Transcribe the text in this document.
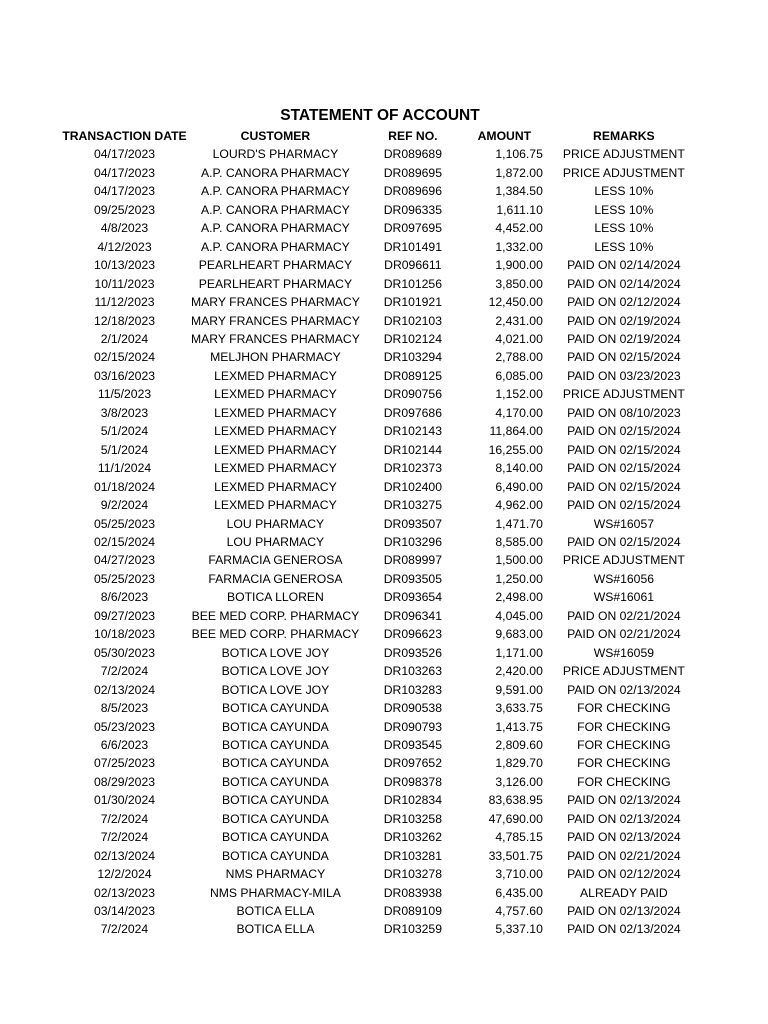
STATEMENT OF ACCOUNT
TRANSACTION DATE	CUSTOMER	REF NO.	AMOUNT	REMARKS
04/17/2023	LOURD'S PHARMACY	DR089689	1,106.75	PRICE ADJUSTMENT
04/17/2023	A.P. CANORA PHARMACY	DR089695	1,872.00	PRICE ADJUSTMENT
04/17/2023	A.P. CANORA PHARMACY	DR089696	1,384.50	LESS 10%
09/25/2023	A.P. CANORA PHARMACY	DR096335	1,611.10	LESS 10%
4/8/2023	A.P. CANORA PHARMACY	DR097695	4,452.00	LESS 10%
4/12/2023	A.P. CANORA PHARMACY	DR101491	1,332.00	LESS 10%
10/13/2023	PEARLHEART PHARMACY	DR096611	1,900.00	PAID ON 02/14/2024
10/11/2023	PEARLHEART PHARMACY	DR101256	3,850.00	PAID ON 02/14/2024
11/12/2023	MARY FRANCES PHARMACY	DR101921	12,450.00	PAID ON 02/12/2024
12/18/2023	MARY FRANCES PHARMACY	DR102103	2,431.00	PAID ON 02/19/2024
2/1/2024	MARY FRANCES PHARMACY	DR102124	4,021.00	PAID ON 02/19/2024
02/15/2024	MELJHON PHARMACY	DR103294	2,788.00	PAID ON 02/15/2024
03/16/2023	LEXMED PHARMACY	DR089125	6,085.00	PAID ON 03/23/2023
11/5/2023	LEXMED PHARMACY	DR090756	1,152.00	PRICE ADJUSTMENT
3/8/2023	LEXMED PHARMACY	DR097686	4,170.00	PAID ON 08/10/2023
5/1/2024	LEXMED PHARMACY	DR102143	11,864.00	PAID ON 02/15/2024
5/1/2024	LEXMED PHARMACY	DR102144	16,255.00	PAID ON 02/15/2024
11/1/2024	LEXMED PHARMACY	DR102373	8,140.00	PAID ON 02/15/2024
01/18/2024	LEXMED PHARMACY	DR102400	6,490.00	PAID ON 02/15/2024
9/2/2024	LEXMED PHARMACY	DR103275	4,962.00	PAID ON 02/15/2024
05/25/2023	LOU PHARMACY	DR093507	1,471.70	WS#16057
02/15/2024	LOU PHARMACY	DR103296	8,585.00	PAID ON 02/15/2024
04/27/2023	FARMACIA GENEROSA	DR089997	1,500.00	PRICE ADJUSTMENT
05/25/2023	FARMACIA GENEROSA	DR093505	1,250.00	WS#16056
8/6/2023	BOTICA LLOREN	DR093654	2,498.00	WS#16061
09/27/2023	BEE MED CORP. PHARMACY	DR096341	4,045.00	PAID ON 02/21/2024
10/18/2023	BEE MED CORP. PHARMACY	DR096623	9,683.00	PAID ON 02/21/2024
05/30/2023	BOTICA LOVE JOY	DR093526	1,171.00	WS#16059
7/2/2024	BOTICA LOVE JOY	DR103263	2,420.00	PRICE ADJUSTMENT
02/13/2024	BOTICA LOVE JOY	DR103283	9,591.00	PAID ON 02/13/2024
8/5/2023	BOTICA CAYUNDA	DR090538	3,633.75	FOR CHECKING
05/23/2023	BOTICA CAYUNDA	DR090793	1,413.75	FOR CHECKING
6/6/2023	BOTICA CAYUNDA	DR093545	2,809.60	FOR CHECKING
07/25/2023	BOTICA CAYUNDA	DR097652	1,829.70	FOR CHECKING
08/29/2023	BOTICA CAYUNDA	DR098378	3,126.00	FOR CHECKING
01/30/2024	BOTICA CAYUNDA	DR102834	83,638.95	PAID ON 02/13/2024
7/2/2024	BOTICA CAYUNDA	DR103258	47,690.00	PAID ON 02/13/2024
7/2/2024	BOTICA CAYUNDA	DR103262	4,785.15	PAID ON 02/13/2024
02/13/2024	BOTICA CAYUNDA	DR103281	33,501.75	PAID ON 02/21/2024
12/2/2024	NMS PHARMACY	DR103278	3,710.00	PAID ON 02/12/2024
02/13/2023	NMS PHARMACY-MILA	DR083938	6,435.00	ALREADY PAID
03/14/2023	BOTICA ELLA	DR089109	4,757.60	PAID ON 02/13/2024
7/2/2024	BOTICA ELLA	DR103259	5,337.10	PAID ON 02/13/2024
